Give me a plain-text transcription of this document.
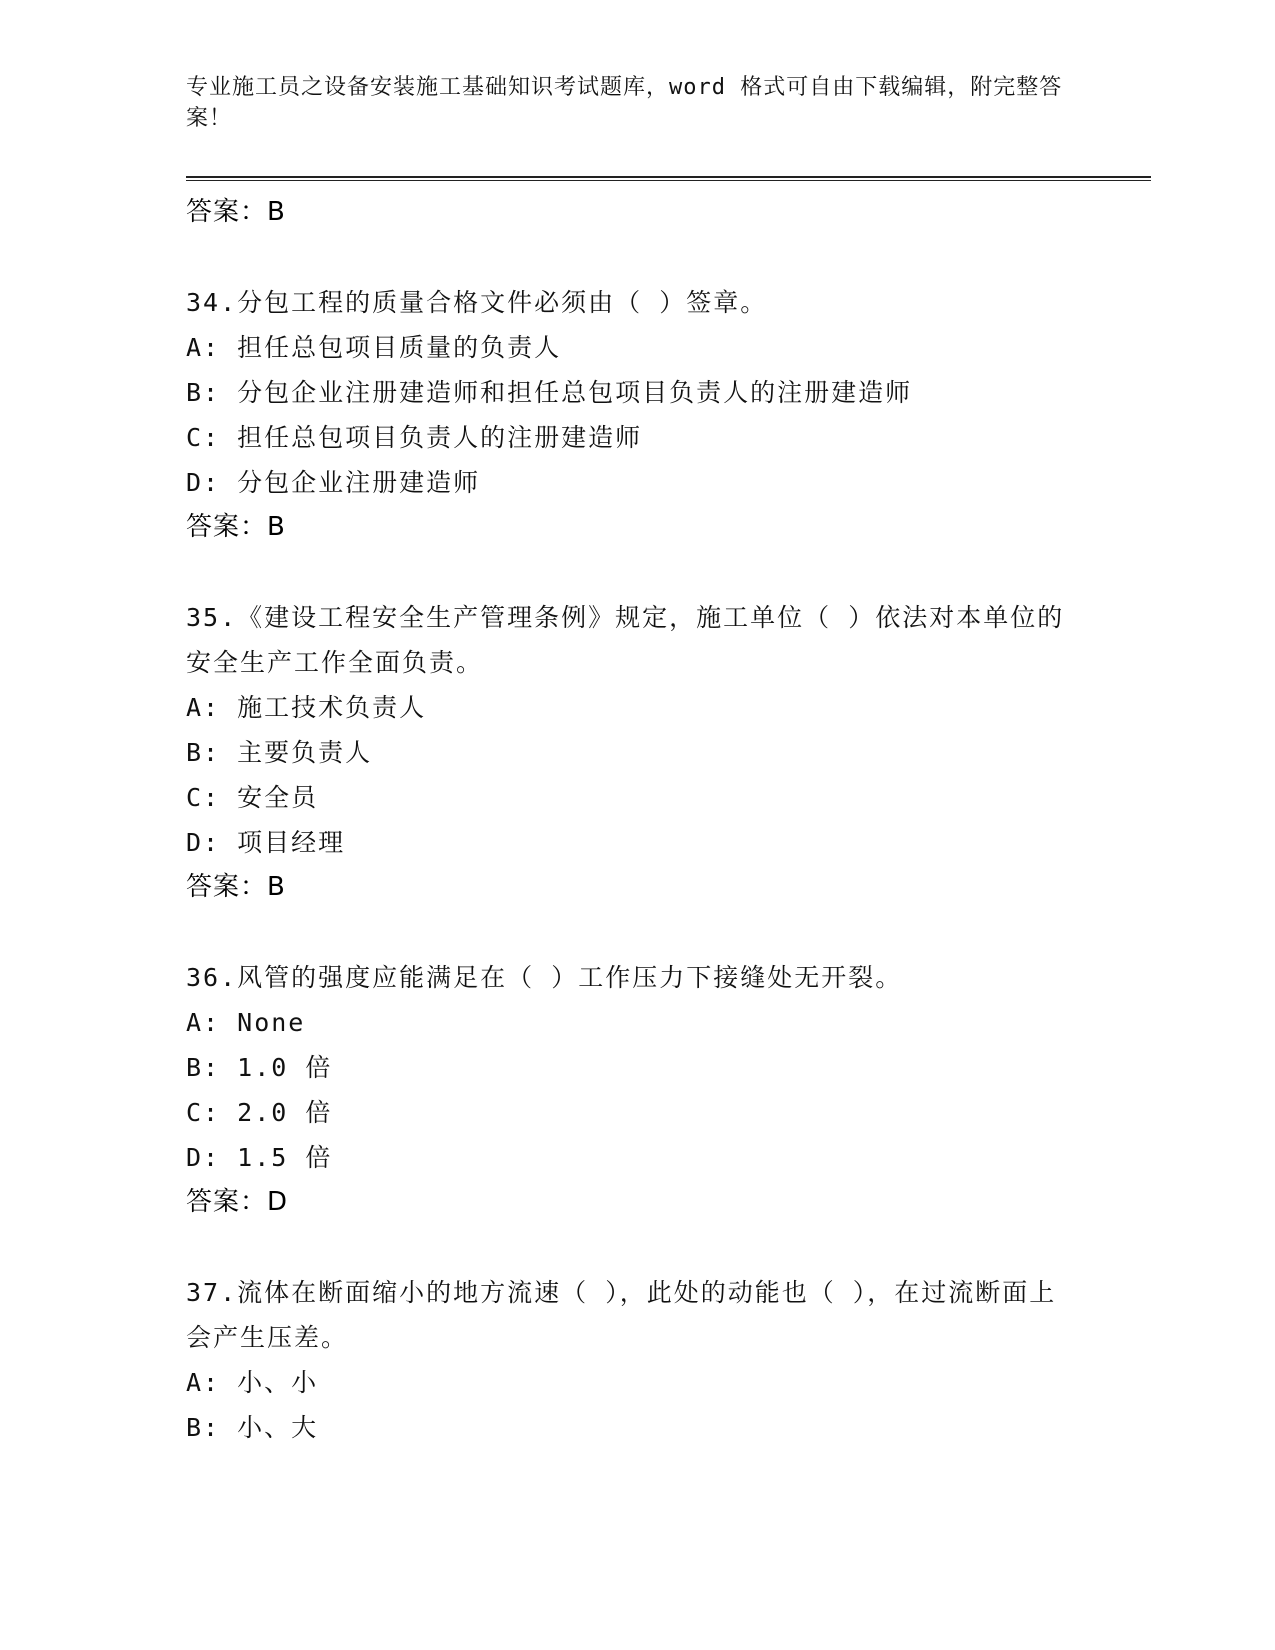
专业施工员之设备安装施工基础知识考试题库，word 格式可自由下载编辑，附完整答案！
答案：B
34.分包工程的质量合格文件必须由（ ）签章。
A: 担任总包项目质量的负责人
B: 分包企业注册建造师和担任总包项目负责人的注册建造师
C: 担任总包项目负责人的注册建造师
D: 分包企业注册建造师
答案：B
35.《建设工程安全生产管理条例》规定，施工单位（ ）依法对本单位的安全生产工作全面负责。
A: 施工技术负责人
B: 主要负责人
C: 安全员
D: 项目经理
答案：B
36.风管的强度应能满足在（ ）工作压力下接缝处无开裂。
A: None
B: 1.0 倍
C: 2.0 倍
D: 1.5 倍
答案：D
37.流体在断面缩小的地方流速（ ），此处的动能也（ ），在过流断面上会产生压差。
A: 小、小
B: 小、大
